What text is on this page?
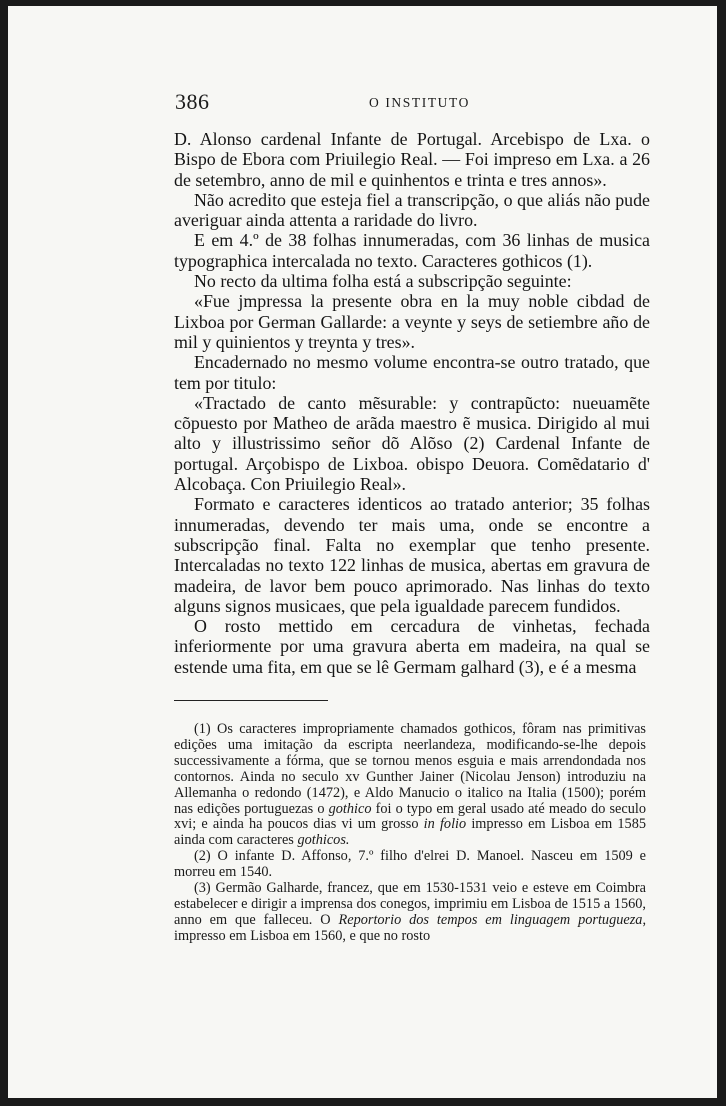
386	O INSTITUTO

D. Alonso cardenal Infante de Portugal. Arcebispo de Lxa. o Bispo de Ebora com Priuilegio Real. — Foi impreso em Lxa. a 26 de setembro, anno de mil e quinhentos e trinta e tres annos».

Não acredito que esteja fiel a transcripção, o que aliás não pude averiguar ainda attenta a raridade do livro.

E em 4.º de 38 folhas innumeradas, com 36 linhas de musica typographica intercalada no texto. Caracteres gothicos (1).

No recto da ultima folha está a subscripção seguinte:

«Fue jmpressa la presente obra en la muy noble cibdad de Lixboa por German Gallarde: a veynte y seys de setiembre año de mil y quinientos y treynta y tres».

Encadernado no mesmo volume encontra-se outro tratado, que tem por titulo:

«Tractado de canto mẽsurable: y contrapũcto: nueuamẽte cõpuesto por Matheo de arãda maestro ẽ musica. Dirigido al mui alto y illustrissimo señor dõ Alõso (2) Cardenal Infante de portugal. Arçobispo de Lixboa. obispo Deuora. Comẽdatario d' Alcobaça. Con Priuilegio Real».

Formato e caracteres identicos ao tratado anterior; 35 folhas innumeradas, devendo ter mais uma, onde se encontre a subscripção final. Falta no exemplar que tenho presente. Intercaladas no texto 122 linhas de musica, abertas em gravura de madeira, de lavor bem pouco aprimorado. Nas linhas do texto alguns signos musicaes, que pela igualdade parecem fundidos.

O rosto mettido em cercadura de vinhetas, fechada inferiormente por uma gravura aberta em madeira, na qual se estende uma fita, em que se lê Germam galhard (3), e é a mesma

(1) Os caracteres impropriamente chamados gothicos, fôram nas primitivas edições uma imitação da escripta neerlandeza, modificando-se-lhe depois successivamente a fórma, que se tornou menos esguia e mais arrendondada nos contornos. Ainda no seculo xv Gunther Jainer (Nicolau Jenson) introduziu na Allemanha o redondo (1472), e Aldo Manucio o italico na Italia (1500); porém nas edições portuguezas o gothico foi o typo em geral usado até meado do seculo xvi; e ainda ha poucos dias vi um grosso in folio impresso em Lisboa em 1585 ainda com caracteres gothicos.

(2) O infante D. Affonso, 7.º filho d'elrei D. Manoel. Nasceu em 1509 e morreu em 1540.

(3) Germão Galharde, francez, que em 1530-1531 veio e esteve em Coimbra estabelecer e dirigir a imprensa dos conegos, imprimiu em Lisboa de 1515 a 1560, anno em que falleceu. O Reportorio dos tempos em linguagem portugueza, impresso em Lisboa em 1560, e que no rosto
